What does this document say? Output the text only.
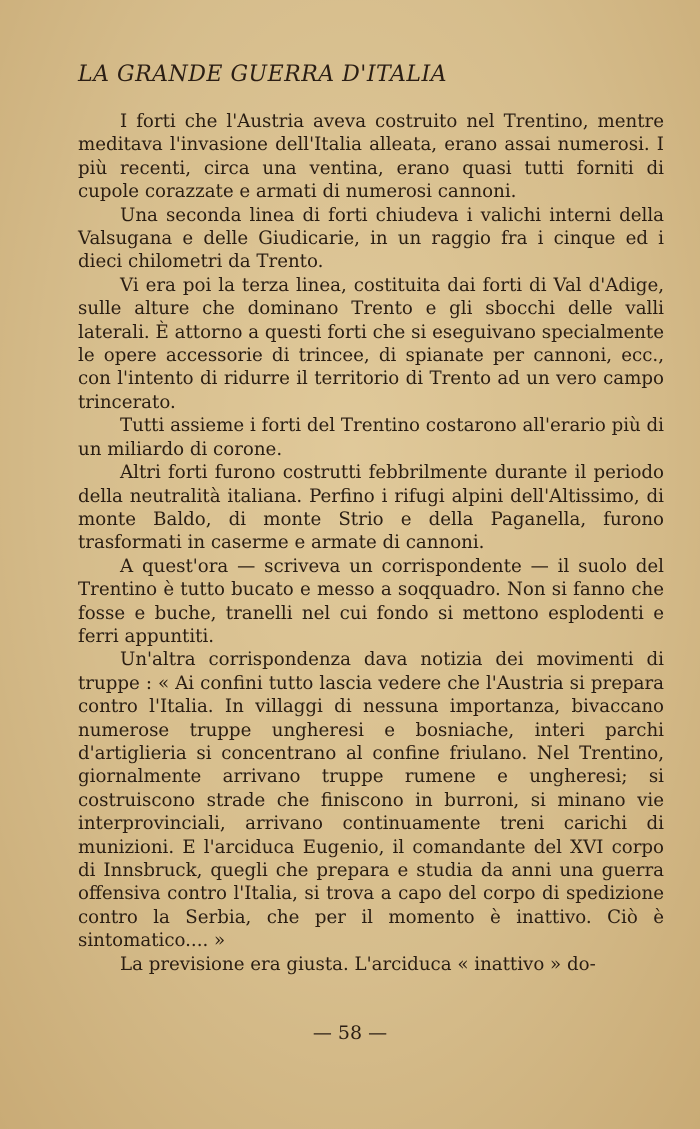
LA GRANDE GUERRA D'ITALIA

I forti che l'Austria aveva costruito nel Trentino, mentre meditava l'invasione dell'Italia alleata, erano assai numerosi. I più recenti, circa una ventina, erano quasi tutti forniti di cupole corazzate e armati di numerosi cannoni.

Una seconda linea di forti chiudeva i valichi interni della Valsugana e delle Giudicarie, in un raggio fra i cinque ed i dieci chilometri da Trento.

Vi era poi la terza linea, costituita dai forti di Val d'Adige, sulle alture che dominano Trento e gli sbocchi delle valli laterali. È attorno a questi forti che si eseguivano specialmente le opere accessorie di trincee, di spianate per cannoni, ecc., con l'intento di ridurre il territorio di Trento ad un vero campo trincerato.

Tutti assieme i forti del Trentino costarono all'erario più di un miliardo di corone.

Altri forti furono costrutti febbrilmente durante il periodo della neutralità italiana. Perfino i rifugi alpini dell'Altissimo, di monte Baldo, di monte Strio e della Paganella, furono trasformati in caserme e armate di cannoni.

A quest'ora — scriveva un corrispondente — il suolo del Trentino è tutto bucato e messo a soqquadro. Non si fanno che fosse e buche, tranelli nel cui fondo si mettono esplodenti e ferri appuntiti.

Un'altra corrispondenza dava notizia dei movimenti di truppe : « Ai confini tutto lascia vedere che l'Austria si prepara contro l'Italia. In villaggi di nessuna importanza, bivaccano numerose truppe ungheresi e bosniache, interi parchi d'artiglieria si concentrano al confine friulano. Nel Trentino, giornalmente arrivano truppe rumene e ungheresi; si costruiscono strade che finiscono in burroni, si minano vie interprovinciali, arrivano continuamente treni carichi di munizioni. E l'arciduca Eugenio, il comandante del XVI corpo di Innsbruck, quegli che prepara e studia da anni una guerra offensiva contro l'Italia, si trova a capo del corpo di spedizione contro la Serbia, che per il momento è inattivo. Ciò è sintomatico.... »

La previsione era giusta. L'arciduca « inattivo » do-

— 58 —
